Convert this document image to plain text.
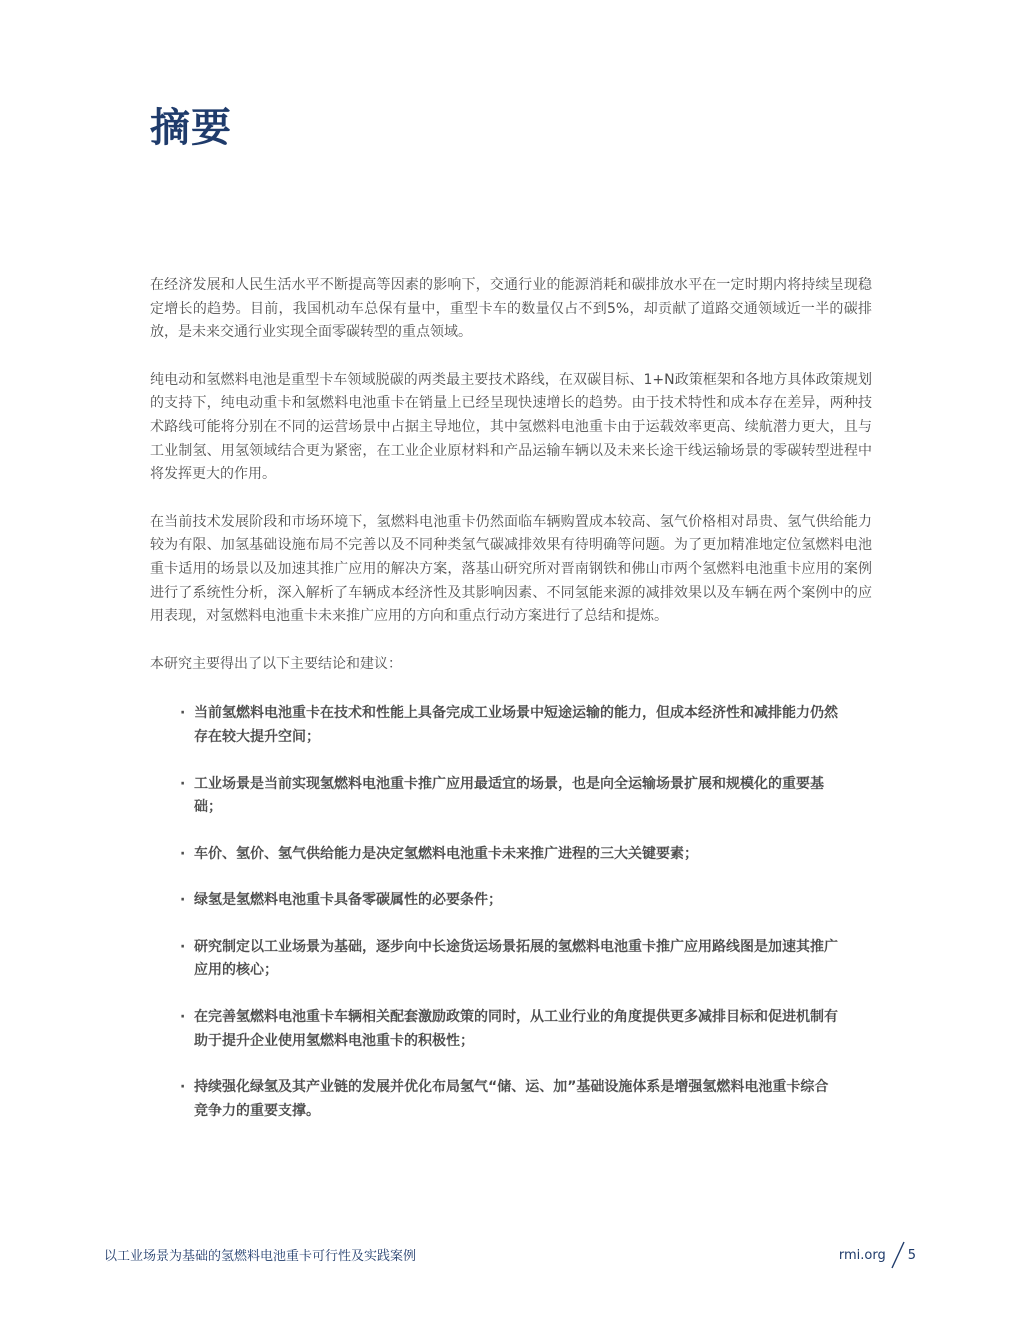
摘要

在经济发展和人民生活水平不断提高等因素的影响下，交通行业的能源消耗和碳排放水平在一定时期内将持续呈现稳定增长的趋势。目前，我国机动车总保有量中，重型卡车的数量仅占不到5%，却贡献了道路交通领域近一半的碳排放，是未来交通行业实现全面零碳转型的重点领域。

纯电动和氢燃料电池是重型卡车领域脱碳的两类最主要技术路线，在双碳目标、1+N政策框架和各地方具体政策规划的支持下，纯电动重卡和氢燃料电池重卡在销量上已经呈现快速增长的趋势。由于技术特性和成本存在差异，两种技术路线可能将分别在不同的运营场景中占据主导地位，其中氢燃料电池重卡由于运载效率更高、续航潜力更大，且与工业制氢、用氢领域结合更为紧密，在工业企业原材料和产品运输车辆以及未来长途干线运输场景的零碳转型进程中将发挥更大的作用。

在当前技术发展阶段和市场环境下，氢燃料电池重卡仍然面临车辆购置成本较高、氢气价格相对昂贵、氢气供给能力较为有限、加氢基础设施布局不完善以及不同种类氢气碳减排效果有待明确等问题。为了更加精准地定位氢燃料电池重卡适用的场景以及加速其推广应用的解决方案，落基山研究所对晋南钢铁和佛山市两个氢燃料电池重卡应用的案例进行了系统性分析，深入解析了车辆成本经济性及其影响因素、不同氢能来源的减排效果以及车辆在两个案例中的应用表现，对氢燃料电池重卡未来推广应用的方向和重点行动方案进行了总结和提炼。

本研究主要得出了以下主要结论和建议：

· 当前氢燃料电池重卡在技术和性能上具备完成工业场景中短途运输的能力，但成本经济性和减排能力仍然存在较大提升空间；
· 工业场景是当前实现氢燃料电池重卡推广应用最适宜的场景，也是向全运输场景扩展和规模化的重要基础；
· 车价、氢价、氢气供给能力是决定氢燃料电池重卡未来推广进程的三大关键要素；
· 绿氢是氢燃料电池重卡具备零碳属性的必要条件；
· 研究制定以工业场景为基础，逐步向中长途货运场景拓展的氢燃料电池重卡推广应用路线图是加速其推广应用的核心；
· 在完善氢燃料电池重卡车辆相关配套激励政策的同时，从工业行业的角度提供更多减排目标和促进机制有助于提升企业使用氢燃料电池重卡的积极性；
· 持续强化绿氢及其产业链的发展并优化布局氢气“储、运、加”基础设施体系是增强氢燃料电池重卡综合竞争力的重要支撑。
以工业场景为基础的氢燃料电池重卡可行性及实践案例	rmi.org 5
